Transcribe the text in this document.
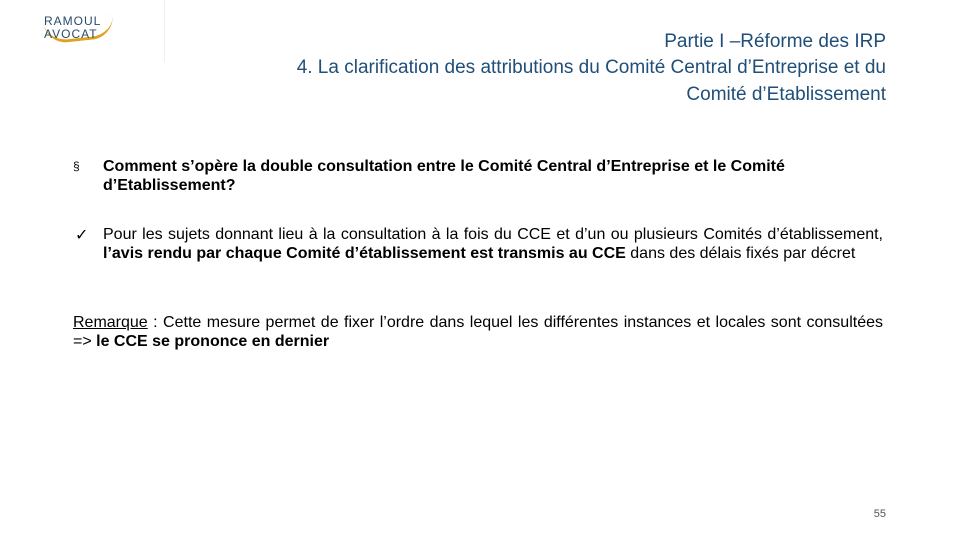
RAMOUL
AVOCAT	Partie I –Réforme des IRP
4. La clarification des attributions du Comité Central d’Entreprise et du
Comité d’Etablissement
§ Comment s’opère la double consultation entre le Comité Central d’Entreprise et le Comité d’Etablissement?
✓ Pour les sujets donnant lieu à la consultation à la fois du CCE et d’un ou plusieurs Comités d’établissement, l’avis rendu par chaque Comité d’établissement est transmis au CCE dans des délais fixés par décret
Remarque : Cette mesure permet de fixer l’ordre dans lequel les différentes instances et locales sont consultées => le CCE se prononce en dernier
55
